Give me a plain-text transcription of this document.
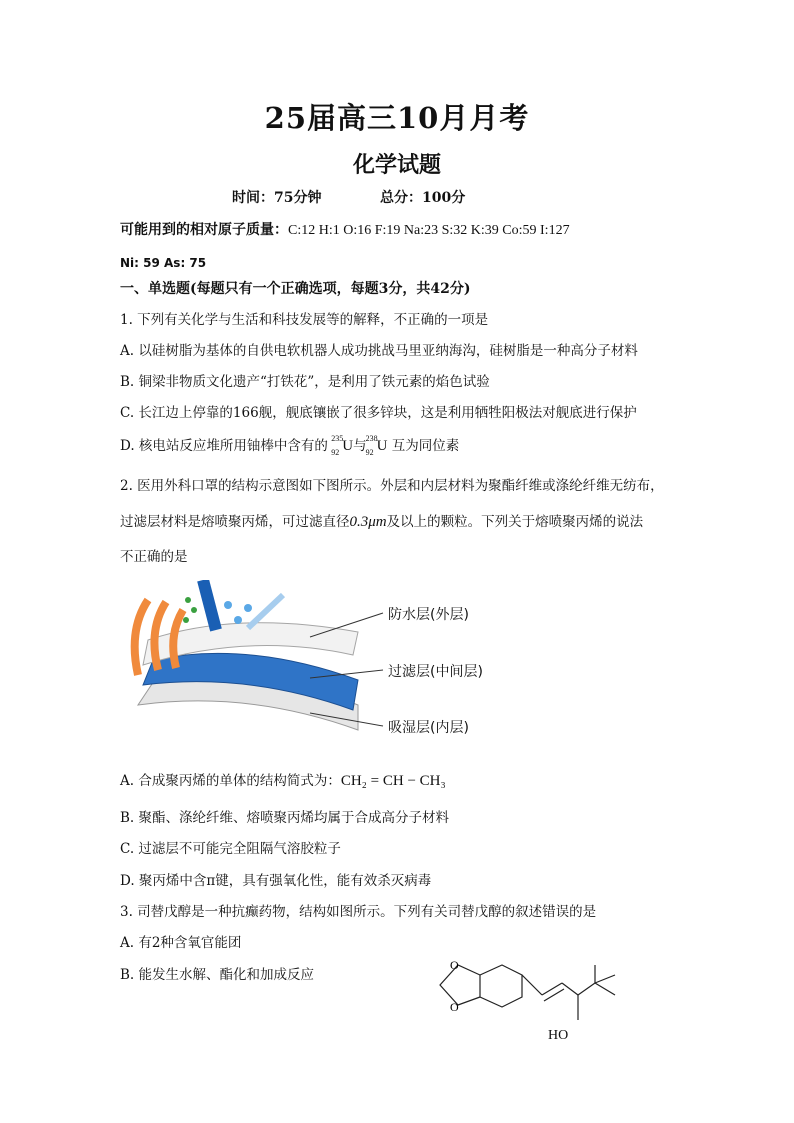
25届高三10月月考
化学试题
时间：75分钟	总分：100分
可能用到的相对原子质量：C:12 H:1 O:16 F:19 Na:23 S:32 K:39 Co:59 I:127
Ni: 59 As: 75
一、单选题(每题只有一个正确选项，每题3分，共42分)
1. 下列有关化学与生活和科技发展等的解释，不正确的一项是
A. 以硅树脂为基体的自供电软机器人成功挑战马里亚纳海沟，硅树脂是一种高分子材料
B. 铜梁非物质文化遗产“打铁花”，是利用了铁元素的焰色试验
C. 长江边上停靠的166舰，舰底镶嵌了很多锌块，这是利用牺牲阳极法对舰底进行保护
D. 核电站反应堆所用铀棒中含有的 235
92 U与 238
92 U 互为同位素
2. 医用外科口罩的结构示意图如下图所示。外层和内层材料为聚酯纤维或涤纶纤维无纺布，
过滤层材料是熔喷聚丙烯，可过滤直径0.3μm及以上的颗粒。下列关于熔喷聚丙烯的说法
不正确的是
防水层(外层)
过滤层(中间层)
吸湿层(内层)
A. 合成聚丙烯的单体的结构简式为：CH₂ = CH − CH₃
B. 聚酯、涤纶纤维、熔喷聚丙烯均属于合成高分子材料
C. 过滤层不可能完全阻隔气溶胶粒子
D. 聚丙烯中含π键，具有强氧化性，能有效杀灭病毒
3. 司替戊醇是一种抗癫药物，结构如图所示。下列有关司替戊醇的叙述错误的是
A. 有2种含氧官能团
B. 能发生水解、酯化和加成反应
O
O
HO
